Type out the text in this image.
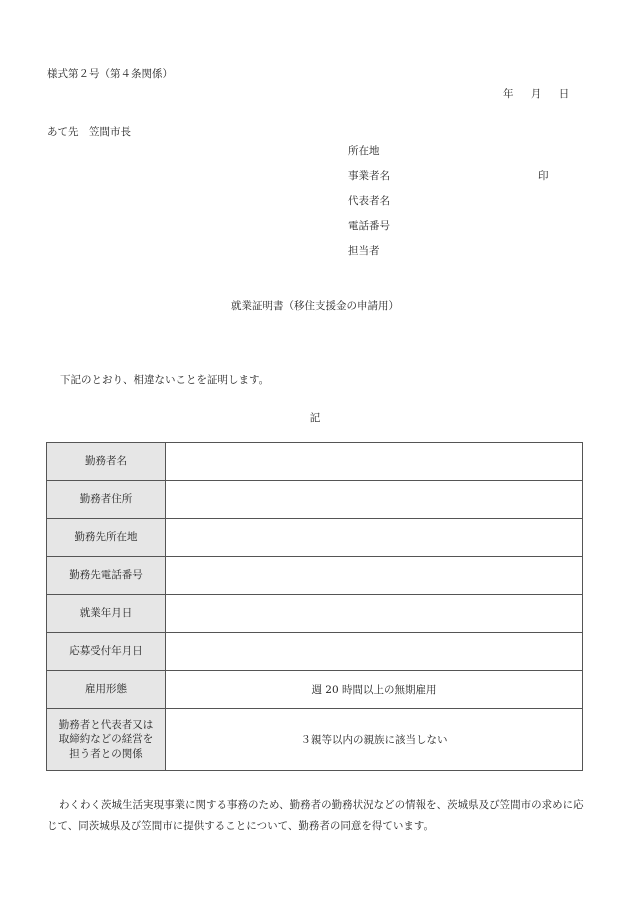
様式第２号（第４条関係）
年 月 日
あて先　笠間市長
所在地
事業者名	印
代表者名
電話番号
担当者
就業証明書（移住支援金の申請用）
下記のとおり、相違ないことを証明します。
記
勤務者名	
勤務者住所	
勤務先所在地	
勤務先電話番号	
就業年月日	
応募受付年月日	
雇用形態	週 20 時間以上の無期雇用

勤務者と代表者又は
取締約などの経営を
担う者との関係	３親等以内の親族に該当しない
わくわく茨城生活実現事業に関する事務のため、勤務者の勤務状況などの情報を、茨城県及び笠間市の求めに応じて、同茨城県及び笠間市に提供することについて、勤務者の同意を得ています。
